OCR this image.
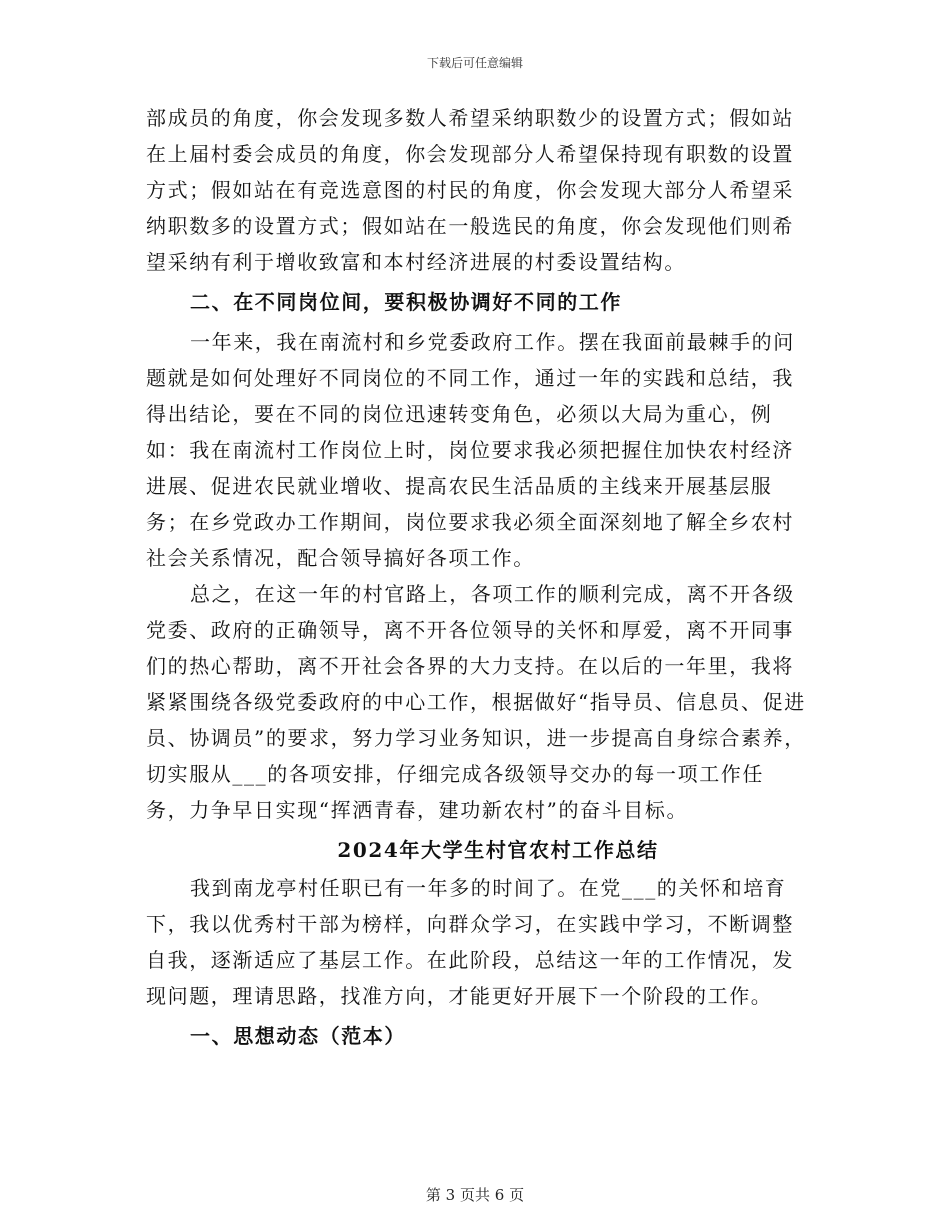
下载后可任意编辑

部成员的角度，你会发现多数人希望采纳职数少的设置方式；假如站在上届村委会成员的角度，你会发现部分人希望保持现有职数的设置方式；假如站在有竞选意图的村民的角度，你会发现大部分人希望采纳职数多的设置方式；假如站在一般选民的角度，你会发现他们则希望采纳有利于增收致富和本村经济进展的村委设置结构。

二、在不同岗位间，要积极协调好不同的工作

一年来，我在南流村和乡党委政府工作。摆在我面前最棘手的问题就是如何处理好不同岗位的不同工作，通过一年的实践和总结，我得出结论，要在不同的岗位迅速转变角色，必须以大局为重心，例如：我在南流村工作岗位上时，岗位要求我必须把握住加快农村经济进展、促进农民就业增收、提高农民生活品质的主线来开展基层服务；在乡党政办工作期间，岗位要求我必须全面深刻地了解全乡农村社会关系情况，配合领导搞好各项工作。

总之，在这一年的村官路上，各项工作的顺利完成，离不开各级党委、政府的正确领导，离不开各位领导的关怀和厚爱，离不开同事们的热心帮助，离不开社会各界的大力支持。在以后的一年里，我将紧紧围绕各级党委政府的中心工作，根据做好“指导员、信息员、促进员、协调员”的要求，努力学习业务知识，进一步提高自身综合素养，切实服从___的各项安排，仔细完成各级领导交办的每一项工作任务，力争早日实现“挥洒青春，建功新农村”的奋斗目标。

2024年大学生村官农村工作总结

我到南龙亭村任职已有一年多的时间了。在党___的关怀和培育下，我以优秀村干部为榜样，向群众学习，在实践中学习，不断调整自我，逐渐适应了基层工作。在此阶段，总结这一年的工作情况，发现问题，理请思路，找准方向，才能更好开展下一个阶段的工作。

一、思想动态（范本）

第 3 页共 6 页
